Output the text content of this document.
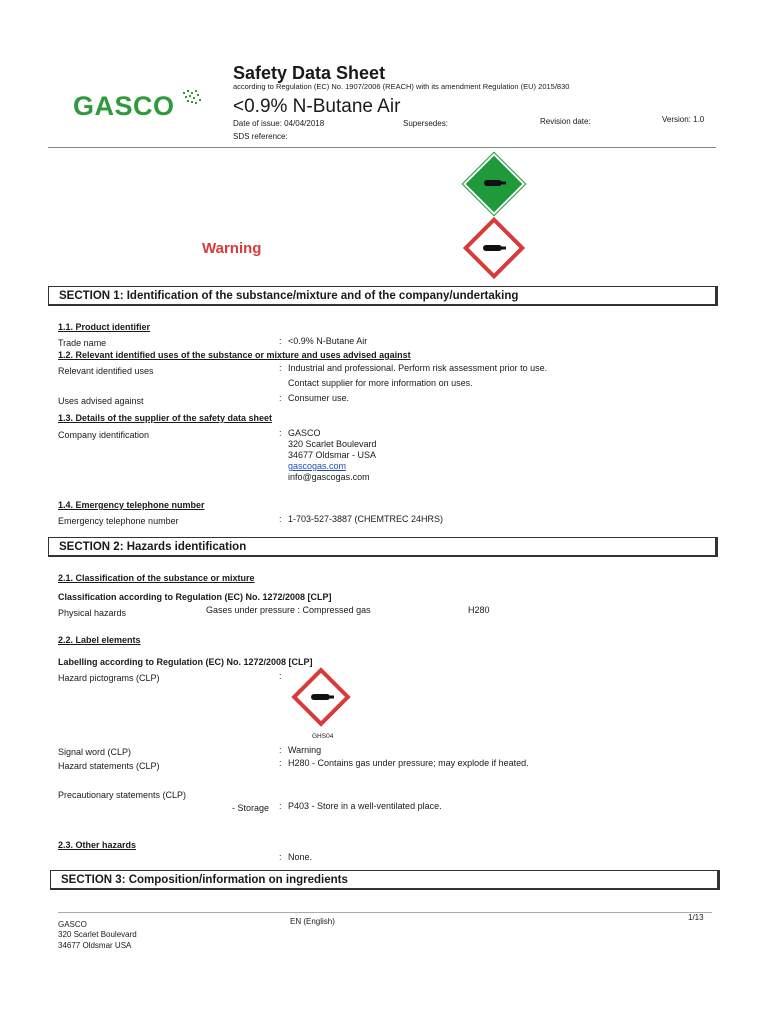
GASCO
Safety Data Sheet
according to Regulation (EC) No. 1907/2006 (REACH) with its amendment Regulation (EU) 2015/830
<0.9% N-Butane Air
Date of issue: 04/04/2018	Supersedes:	Revision date:	Version: 1.0
SDS reference:
Warning
SECTION 1: Identification of the substance/mixture and of the company/undertaking
1.1. Product identifier
Trade name	: <0.9% N-Butane Air
1.2. Relevant identified uses of the substance or mixture and uses advised against
Relevant identified uses	: Industrial and professional. Perform risk assessment prior to use.
Contact supplier for more information on uses.
Uses advised against	: Consumer use.
1.3. Details of the supplier of the safety data sheet
Company identification	: GASCO
320 Scarlet Boulevard
34677 Oldsmar - USA
gascogas.com
info@gascogas.com
1.4. Emergency telephone number
Emergency telephone number	: 1-703-527-3887 (CHEMTREC 24HRS)
SECTION 2: Hazards identification
2.1. Classification of the substance or mixture
Classification according to Regulation (EC) No. 1272/2008 [CLP]
Physical hazards	Gases under pressure : Compressed gas	H280
2.2. Label elements
Labelling according to Regulation (EC) No. 1272/2008 [CLP]
Hazard pictograms (CLP)	:
GHS04
Signal word (CLP)	: Warning
Hazard statements (CLP)	: H280 - Contains gas under pressure; may explode if heated.
Precautionary statements (CLP)
- Storage : P403 - Store in a well-ventilated place.
2.3. Other hazards
: None.
SECTION 3: Composition/information on ingredients
GASCO
320 Scarlet Boulevard
34677 Oldsmar USA
EN (English)	1/13
